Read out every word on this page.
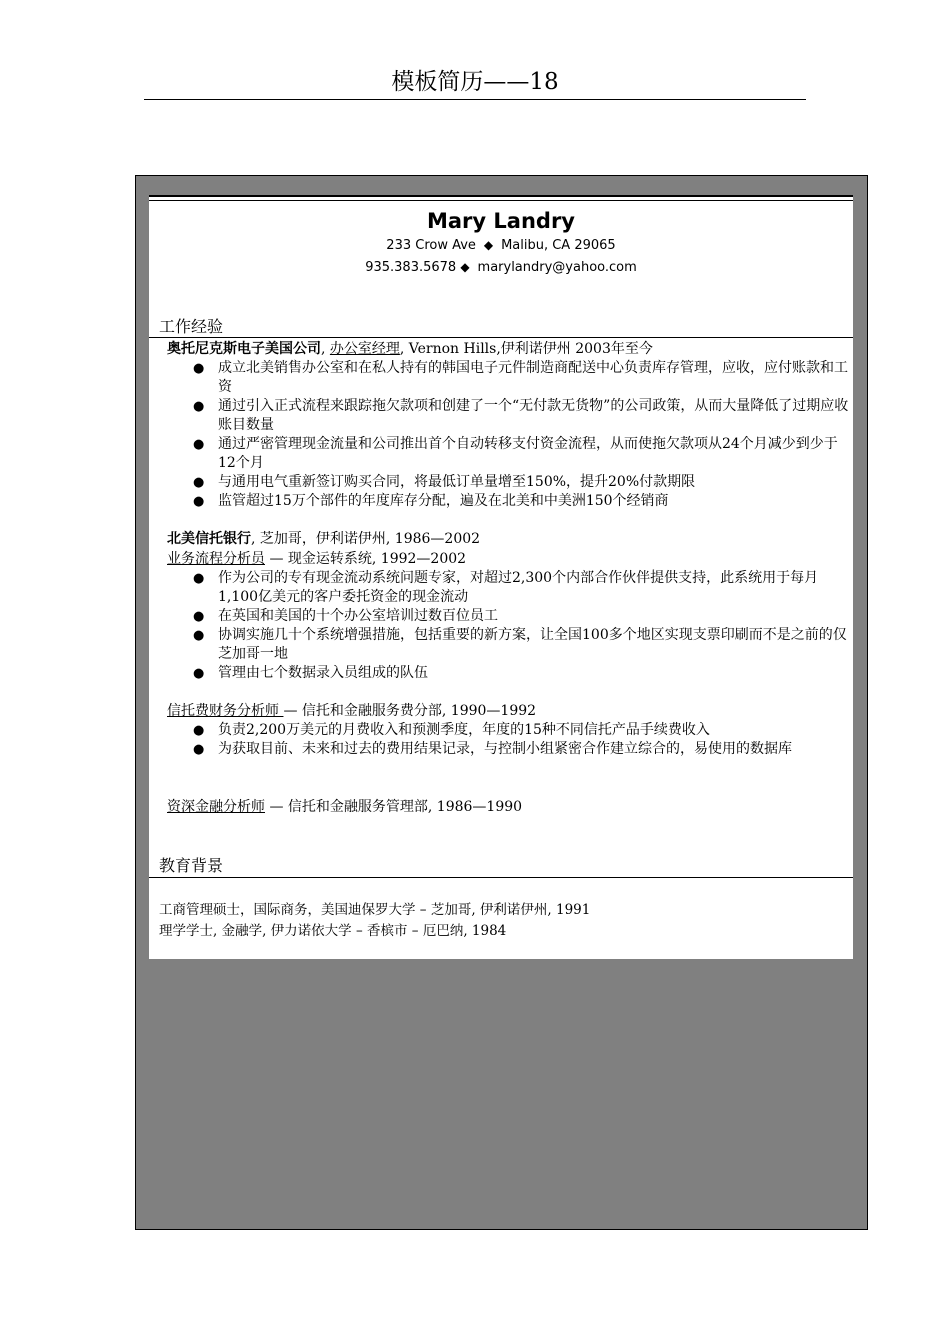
模板简历——18
Mary Landry
233 Crow Ave  ◆  Malibu, CA 29065
935.383.5678 ◆  marylandry@yahoo.com
工作经验
奥托尼克斯电子美国公司, 办公室经理, Vernon Hills,伊利诺伊州 2003年至今
● 成立北美销售办公室和在私人持有的韩国电子元件制造商配送中心负责库存管理，应收，应付账款和工资
● 通过引入正式流程来跟踪拖欠款项和创建了一个“无付款无货物”的公司政策，从而大量降低了过期应收账目数量
● 通过严密管理现金流量和公司推出首个自动转移支付资金流程，从而使拖欠款项从24个月减少到少于12个月
● 与通用电气重新签订购买合同，将最低订单量增至150%，提升20%付款期限
● 监管超过15万个部件的年度库存分配，遍及在北美和中美洲150个经销商
北美信托银行, 芝加哥，伊利诺伊州, 1986—2002
业务流程分析员 — 现金运转系统, 1992—2002
● 作为公司的专有现金流动系统问题专家，对超过2,300个内部合作伙伴提供支持，此系统用于每月1,100亿美元的客户委托资金的现金流动
● 在英国和美国的十个办公室培训过数百位员工
● 协调实施几十个系统增强措施，包括重要的新方案，让全国100多个地区实现支票印刷而不是之前的仅芝加哥一地
● 管理由七个数据录入员组成的队伍
信托费财务分析师 — 信托和金融服务费分部, 1990—1992
● 负责2,200万美元的月费收入和预测季度，年度的15种不同信托产品手续费收入
● 为获取目前、未来和过去的费用结果记录，与控制小组紧密合作建立综合的，易使用的数据库
资深金融分析师 — 信托和金融服务管理部, 1986—1990
教育背景
工商管理硕士，国际商务，美国迪保罗大学 – 芝加哥, 伊利诺伊州, 1991
理学学士, 金融学, 伊力诺依大学 – 香槟市 – 厄巴纳, 1984
